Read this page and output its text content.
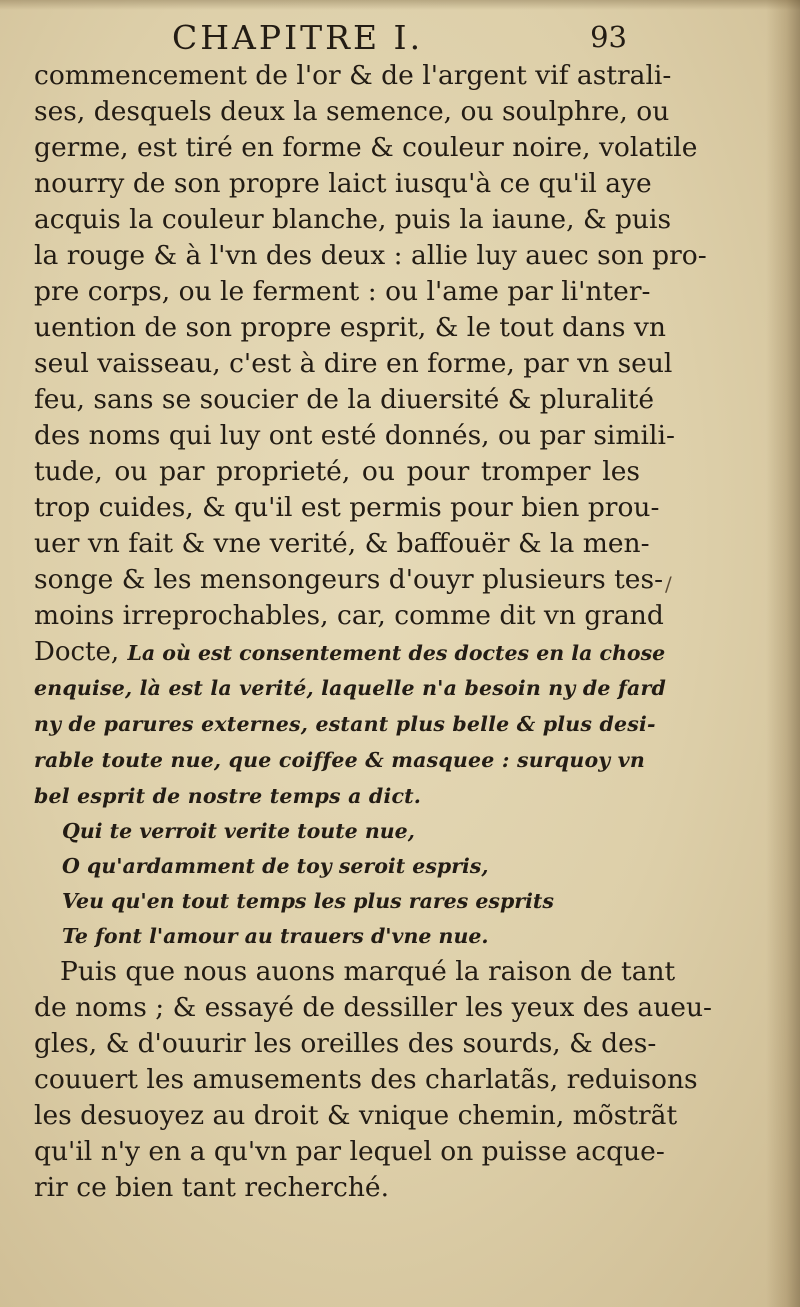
CHAPITRE I.	93
commencement de l'or & de l'argent vif astrali-
ses, desquels deux la semence, ou soulphre, ou
germe, est tiré en forme & couleur noire, volatile
nourry de son propre laict iusqu'à ce qu'il aye
acquis la couleur blanche, puis la iaune, & puis
la rouge & à l'vn des deux : allie luy auec son pro-
pre corps, ou le ferment : ou l'ame par li'nter-
uention de son propre esprit, & le tout dans vn
seul vaisseau, c'est à dire en forme, par vn seul
feu, sans se soucier de la diuersité & pluralité
des noms qui luy ont esté donnés, ou par simili-
tude, ou par proprieté, ou pour tromper les
trop cuides, & qu'il est permis pour bien prou-
uer vn fait & vne verité, & baffouër & la men-
songe & les mensongeurs d'ouyr plusieurs tes-
moins irreprochables, car, comme dit vn grand
Docte, La où est consentement des doctes en la chose
enquise, là est la verité, laquelle n'a besoin ny de fard
ny de parures externes, estant plus belle & plus desi-
rable toute nue, que coiffee & masquee : surquoy vn
bel esprit de nostre temps a dict.
Qui te verroit verite toute nue,
O qu'ardamment de toy seroit espris,
Veu qu'en tout temps les plus rares esprits
Te font l'amour au trauers d'vne nue.
Puis que nous auons marqué la raison de tant
de noms ; & essayé de dessiller les yeux des aueu-
gles, & d'ouurir les oreilles des sourds, & des-
couuert les amusements des charlatãs, reduisons
les desuoyez au droit & vnique chemin, mõstrãt
qu'il n'y en a qu'vn par lequel on puisse acque-
rir ce bien tant recherché.
/
